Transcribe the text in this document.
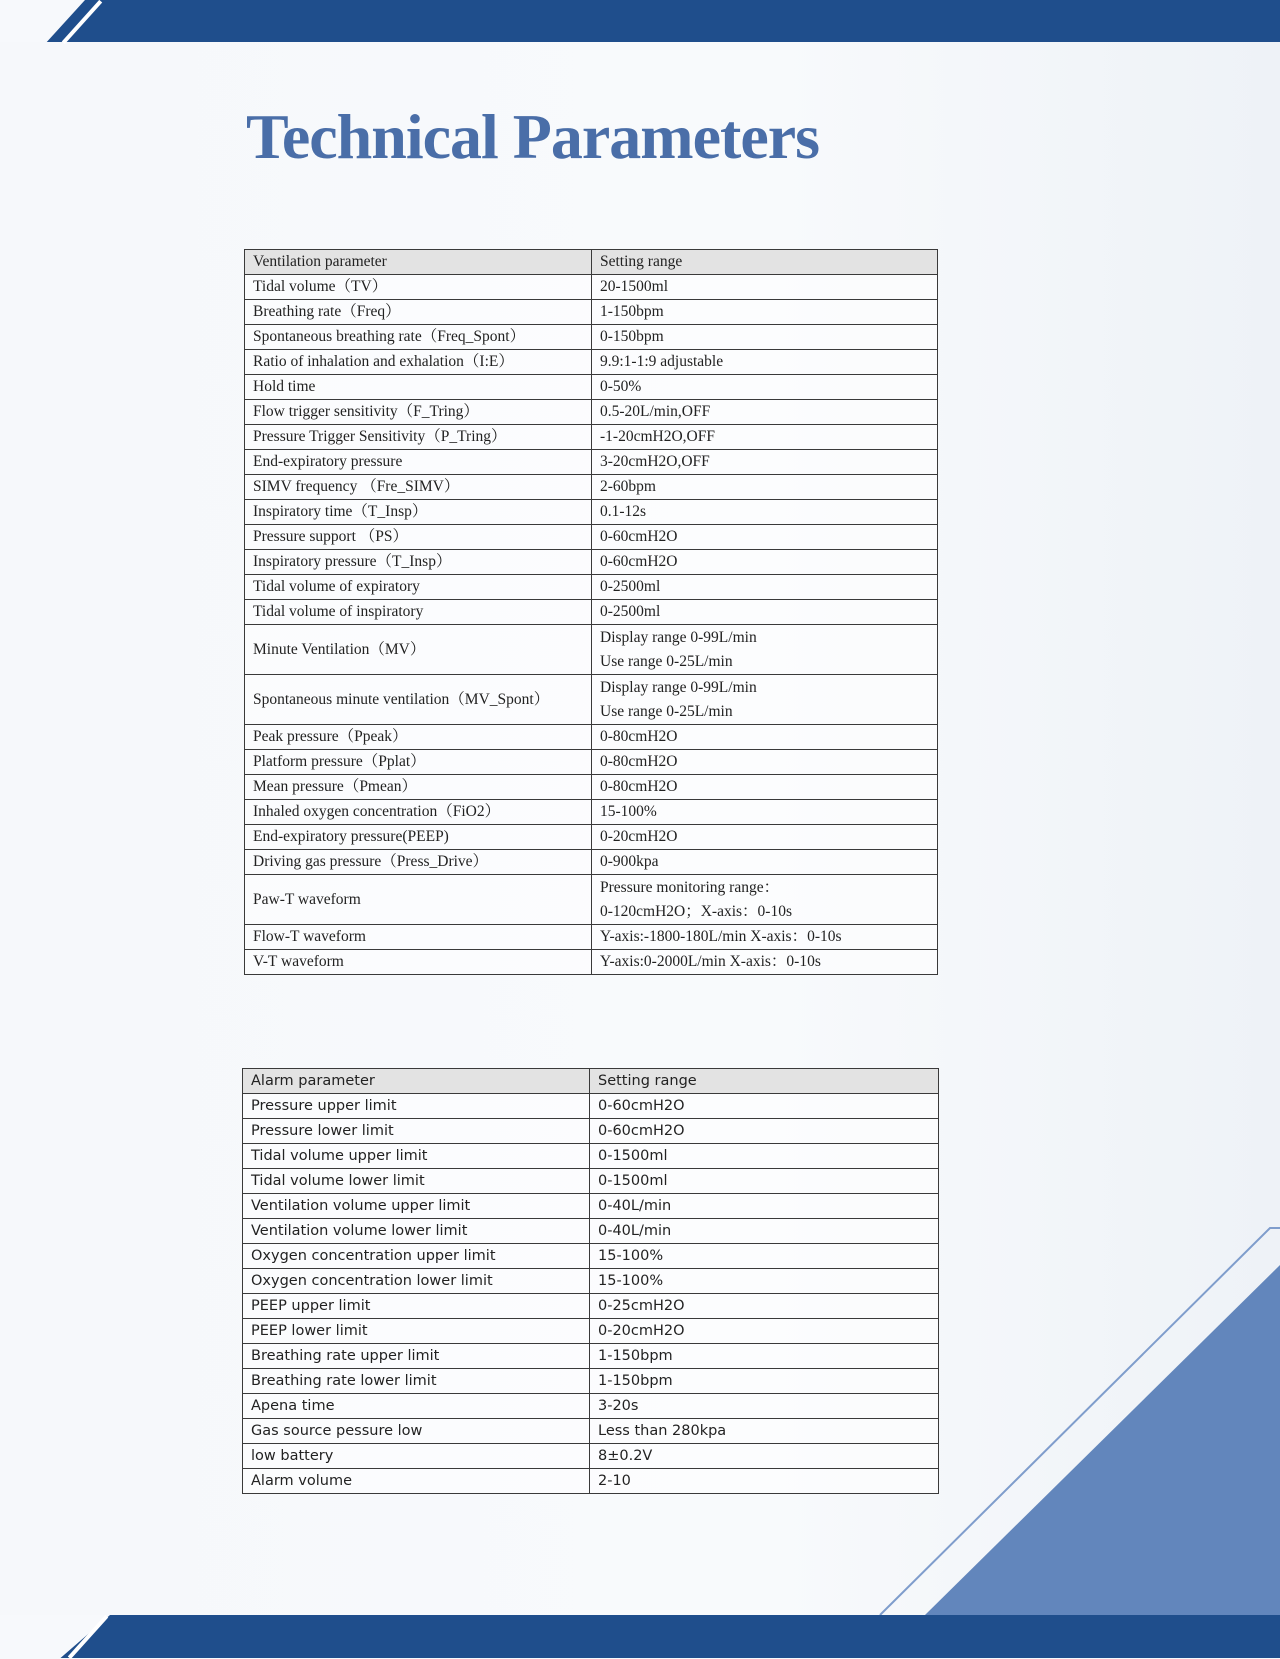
Technical Parameters
Ventilation parameter	Setting range
Tidal volume（TV）	20-1500ml
Breathing rate（Freq）	1-150bpm
Spontaneous breathing rate（Freq_Spont）	0-150bpm
Ratio of inhalation and exhalation（I:E）	9.9:1-1:9 adjustable
Hold time	0-50%
Flow trigger sensitivity（F_Tring）	0.5-20L/min,OFF
Pressure Trigger Sensitivity（P_Tring）	-1-20cmH2O,OFF
End-expiratory pressure	3-20cmH2O,OFF
SIMV frequency （Fre_SIMV）	2-60bpm
Inspiratory time（T_Insp）	0.1-12s
Pressure support （PS）	0-60cmH2O
Inspiratory pressure（T_Insp）	0-60cmH2O
Tidal volume of expiratory	0-2500ml
Tidal volume of inspiratory	0-2500ml
Minute Ventilation（MV）	Display range 0-99L/min
Use range 0-25L/min

Spontaneous minute ventilation（MV_Spont）	Display range 0-99L/min
Use range 0-25L/min

Peak pressure（Ppeak）	0-80cmH2O
Platform pressure（Pplat）	0-80cmH2O
Mean pressure（Pmean）	0-80cmH2O
Inhaled oxygen concentration（FiO2）	15-100%
End-expiratory pressure(PEEP)	0-20cmH2O
Driving gas pressure（Press_Drive）	0-900kpa
Paw-T waveform	Pressure monitoring range：
0-120cmH2O；X-axis：0-10s

Flow-T waveform	Y-axis:-1800-180L/min X-axis：0-10s
V-T waveform	Y-axis:0-2000L/min X-axis：0-10s
Alarm parameter	Setting range
Pressure upper limit	0-60cmH2O
Pressure lower limit	0-60cmH2O
Tidal volume upper limit	0-1500ml
Tidal volume lower limit	0-1500ml
Ventilation volume upper limit	0-40L/min
Ventilation volume lower limit	0-40L/min
Oxygen concentration upper limit	15-100%
Oxygen concentration lower limit	15-100%
PEEP upper limit	0-25cmH2O
PEEP lower limit	0-20cmH2O
Breathing rate upper limit	1-150bpm
Breathing rate lower limit	1-150bpm
Apena time	3-20s
Gas source pessure low	Less than 280kpa
low battery	8±0.2V
Alarm volume	2-10
